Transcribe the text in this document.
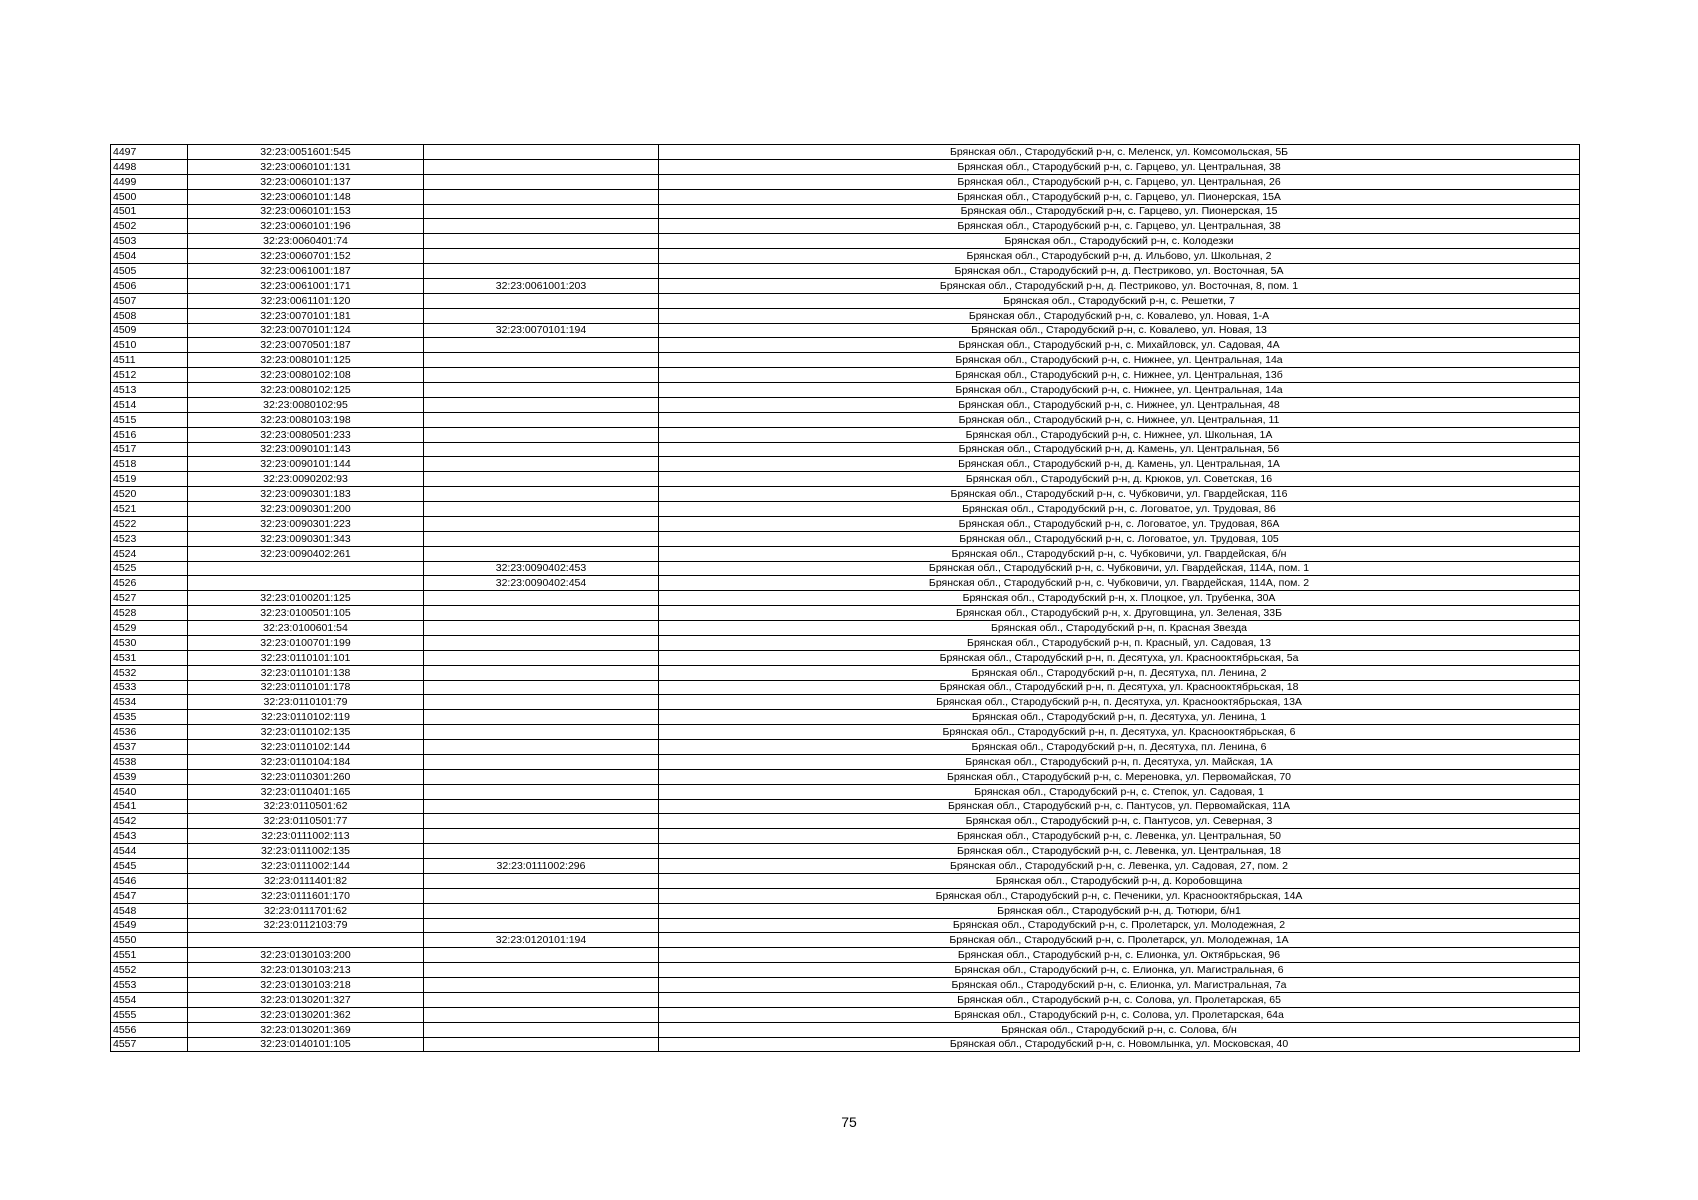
4497	32:23:0051601:545		Брянская обл., Стародубский р-н, с. Меленск, ул. Комсомольская, 5Б
4498	32:23:0060101:131		Брянская обл., Стародубский р-н, с. Гарцево, ул. Центральная, 38
4499	32:23:0060101:137		Брянская обл., Стародубский р-н, с. Гарцево, ул. Центральная, 26
4500	32:23:0060101:148		Брянская обл., Стародубский р-н, с. Гарцево, ул. Пионерская, 15А
4501	32:23:0060101:153		Брянская обл., Стародубский р-н, с. Гарцево, ул. Пионерская, 15
4502	32:23:0060101:196		Брянская обл., Стародубский р-н, с. Гарцево, ул. Центральная, 38
4503	32:23:0060401:74		Брянская обл., Стародубский р-н, с. Колодезки
4504	32:23:0060701:152		Брянская обл., Стародубский р-н, д. Ильбово, ул. Школьная, 2
4505	32:23:0061001:187		Брянская обл., Стародубский р-н, д. Пестриково, ул. Восточная, 5А
4506	32:23:0061001:171	32:23:0061001:203	Брянская обл., Стародубский р-н, д. Пестриково, ул. Восточная, 8, пом. 1
4507	32:23:0061101:120		Брянская обл., Стародубский р-н, с. Решетки, 7
4508	32:23:0070101:181		Брянская обл., Стародубский р-н, с. Ковалево, ул. Новая, 1-А
4509	32:23:0070101:124	32:23:0070101:194	Брянская обл., Стародубский р-н, с. Ковалево, ул. Новая, 13
4510	32:23:0070501:187		Брянская обл., Стародубский р-н, с. Михайловск, ул. Садовая, 4А
4511	32:23:0080101:125		Брянская обл., Стародубский р-н, с. Нижнее, ул. Центральная, 14а
4512	32:23:0080102:108		Брянская обл., Стародубский р-н, с. Нижнее, ул. Центральная, 13б
4513	32:23:0080102:125		Брянская обл., Стародубский р-н, с. Нижнее, ул. Центральная, 14а
4514	32:23:0080102:95		Брянская обл., Стародубский р-н, с. Нижнее, ул. Центральная, 48
4515	32:23:0080103:198		Брянская обл., Стародубский р-н, с. Нижнее, ул. Центральная, 11
4516	32:23:0080501:233		Брянская обл., Стародубский р-н, с. Нижнее, ул. Школьная, 1А
4517	32:23:0090101:143		Брянская обл., Стародубский р-н, д. Камень, ул. Центральная, 56
4518	32:23:0090101:144		Брянская обл., Стародубский р-н, д. Камень, ул. Центральная, 1А
4519	32:23:0090202:93		Брянская обл., Стародубский р-н, д. Крюков, ул. Советская, 16
4520	32:23:0090301:183		Брянская обл., Стародубский р-н, с. Чубковичи, ул. Гвардейская, 116
4521	32:23:0090301:200		Брянская обл., Стародубский р-н, с. Логоватое, ул. Трудовая, 86
4522	32:23:0090301:223		Брянская обл., Стародубский р-н, с. Логоватое, ул. Трудовая, 86А
4523	32:23:0090301:343		Брянская обл., Стародубский р-н, с. Логоватое, ул. Трудовая, 105
4524	32:23:0090402:261		Брянская обл., Стародубский р-н, с. Чубковичи, ул. Гвардейская, б/н
4525		32:23:0090402:453	Брянская обл., Стародубский р-н, с. Чубковичи, ул. Гвардейская, 114А, пом. 1
4526		32:23:0090402:454	Брянская обл., Стародубский р-н, с. Чубковичи, ул. Гвардейская, 114А, пом. 2
4527	32:23:0100201:125		Брянская обл., Стародубский р-н, х. Плоцкое, ул. Трубенка, 30А
4528	32:23:0100501:105		Брянская обл., Стародубский р-н, х. Друговщина, ул. Зеленая, 33Б
4529	32:23:0100601:54		Брянская обл., Стародубский р-н, п. Красная Звезда
4530	32:23:0100701:199		Брянская обл., Стародубский р-н, п. Красный, ул. Садовая, 13
4531	32:23:0110101:101		Брянская обл., Стародубский р-н, п. Десятуха, ул. Краснооктябрьская, 5а
4532	32:23:0110101:138		Брянская обл., Стародубский р-н, п. Десятуха, пл. Ленина, 2
4533	32:23:0110101:178		Брянская обл., Стародубский р-н, п. Десятуха, ул. Краснооктябрьская, 18
4534	32:23:0110101:79		Брянская обл., Стародубский р-н, п. Десятуха, ул. Краснооктябрьская, 13А
4535	32:23:0110102:119		Брянская обл., Стародубский р-н, п. Десятуха, ул. Ленина, 1
4536	32:23:0110102:135		Брянская обл., Стародубский р-н, п. Десятуха, ул. Краснооктябрьская, 6
4537	32:23:0110102:144		Брянская обл., Стародубский р-н, п. Десятуха, пл. Ленина, 6
4538	32:23:0110104:184		Брянская обл., Стародубский р-н, п. Десятуха, ул. Майская, 1А
4539	32:23:0110301:260		Брянская обл., Стародубский р-н, с. Мереновка, ул. Первомайская, 70
4540	32:23:0110401:165		Брянская обл., Стародубский р-н, с. Степок, ул. Садовая, 1
4541	32:23:0110501:62		Брянская обл., Стародубский р-н, с. Пантусов, ул. Первомайская, 11А
4542	32:23:0110501:77		Брянская обл., Стародубский р-н, с. Пантусов, ул. Северная, 3
4543	32:23:0111002:113		Брянская обл., Стародубский р-н, с. Левенка, ул. Центральная, 50
4544	32:23:0111002:135		Брянская обл., Стародубский р-н, с. Левенка, ул. Центральная, 18
4545	32:23:0111002:144	32:23:0111002:296	Брянская обл., Стародубский р-н, с. Левенка, ул. Садовая, 27, пом. 2
4546	32:23:0111401:82		Брянская обл., Стародубский р-н, д. Коробовщина
4547	32:23:0111601:170		Брянская обл., Стародубский р-н, с. Печеники, ул. Краснооктябрьская, 14А
4548	32:23:0111701:62		Брянская обл., Стародубский р-н, д. Тютюри, б/н1
4549	32:23:0112103:79		Брянская обл., Стародубский р-н, с. Пролетарск, ул. Молодежная, 2
4550		32:23:0120101:194	Брянская обл., Стародубский р-н, с. Пролетарск, ул. Молодежная, 1А
4551	32:23:0130103:200		Брянская обл., Стародубский р-н, с. Елионка, ул. Октябрьская, 96
4552	32:23:0130103:213		Брянская обл., Стародубский р-н, с. Елионка, ул. Магистральная, 6
4553	32:23:0130103:218		Брянская обл., Стародубский р-н, с. Елионка, ул. Магистральная, 7а
4554	32:23:0130201:327		Брянская обл., Стародубский р-н, с. Солова, ул. Пролетарская, 65
4555	32:23:0130201:362		Брянская обл., Стародубский р-н, с. Солова, ул. Пролетарская, 64а
4556	32:23:0130201:369		Брянская обл., Стародубский р-н, с. Солова, б/н
4557	32:23:0140101:105		Брянская обл., Стародубский р-н, с. Новомлынка, ул. Московская, 40
75
